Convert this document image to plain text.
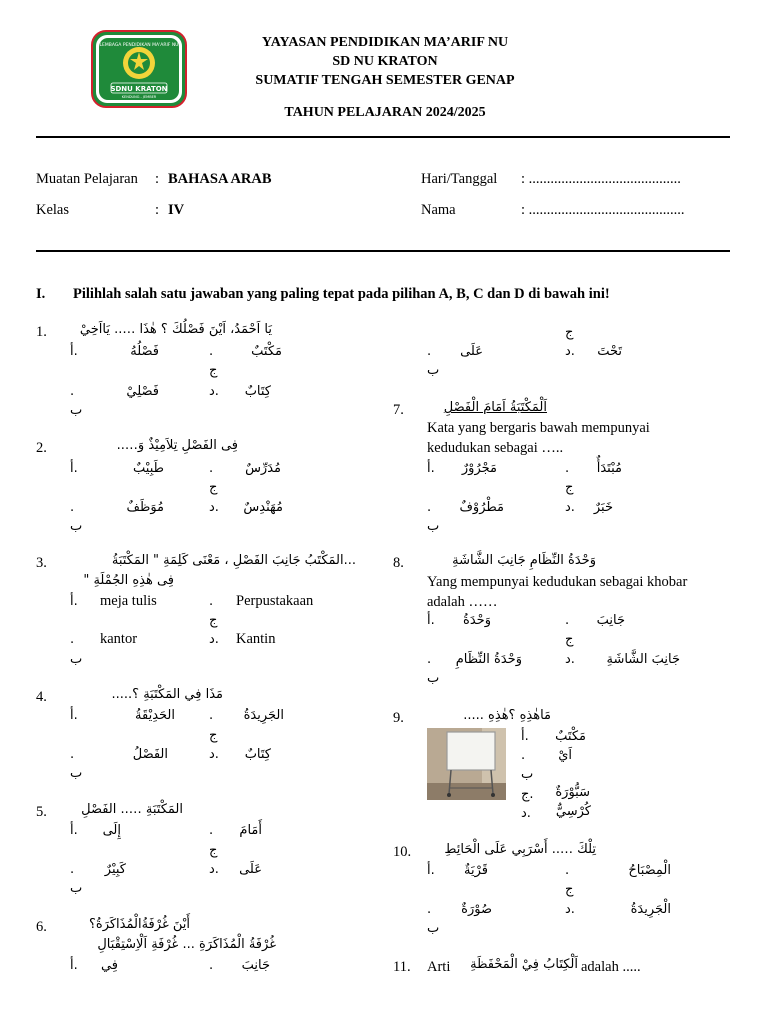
LEMBAGA PENDIDIKAN MA'ARIF NU
SDNU KRATON
KENDUNG - JEMBER
YAYASAN PENDIDIKAN MA’ARIF NU
SD NU KRATON
SUMATIF TENGAH SEMESTER GENAP
TAHUN PELAJARAN 2024/2025
Muatan Pelajaran : BAHASA ARAB
Kelas	: IV
Hari/Tanggal : ..........................................
Nama	: ...........................................
I. Pilihlah salah satu jawaban yang paling tepat pada pilihan A, B, C dan D di bawah ini!
1.	يَا اَحْمَدُ، اَيْنَ فَصْلُكَ ؟ هٰذَا ….. يَااَخِيْ
أ.	فَصْلُهُ	.	مَكْتَبٌ
ج
.	فَصْلِيْ	د. كِتَابٌ
ب
2.	فِى الفَصْلِ تِلاَمِيْذٌ وَ…..
أ.	طَبِيْبٌ	. مُدَرِّسٌ
ج
.	مُوَظَفٌ	د. مُهَنْدِسٌ
ب
3.	...المَكْتَبُ جَانِبَ الفَصْلِ ، مَعْنَى كَلِمَةِ " المَكْتَبَةُ
فِى هٰذِهِ الجُمْلَةِ "
أ. meja tulis	. Perpustakaan
ج
. kantor	د. Kantin
ب
4.	مَذَا فِي المَكْتَبَةِ ؟.....
أ.	الحَدِيْقَةُ	. الجَرِيدَةُ
ج
.	الفَصْلُ	د. كِتَابٌ
ب
5.	المَكْتَبَةِ ….. الفَصْلِ
أ. إِلَى	. أَمَامَ
ج
. كَبِيْرٌ	د. عَلَى
ب
6.	أَيْنَ غُرْفَةُالْمُذَاكَرَةُ؟
غُرْفَةُ الْمُذَاكَرَةِ ... غُرْفَةِ اَلْاِسْتِقْبَالِ
أ. فِي	. جَانِبَ
ج
. عَلَى	د. تَحْتَ
ب
7.	اَلْمَكْتَبَةُ اَمَامَ الْفَصْلِ
Kata yang bergaris bawah mempunyai
kedudukan sebagai …..
أ. مَجْرُوْرٌ	. مُبْتَدَأٌ
ج
. مَطْرُوْفٌ	د. خَبَرٌ
ب
8.	وَحْدَةُ النِّظَامِ جَانِبَ الشَّاشَةِ
Yang mempunyai kedudukan sebagai khobar
adalah ……
أ. وَحْدَةُ	. جَانِبَ
ج
. وَحْدَةُ النِّظَامِ	د. جَانِبَ الشَّاشَةِ
ب
9.	مَاهٰذِهِ ؟هٰذِهِ .....
أ. مَكْتَبٌ
.	اَيْ
ب
ج. سَبُّوْرَةٌ
د. كُرْسِيٌّ
10.	تِلْكَ ….. أَسْرَبِي عَلَى الْحَائِطِ
أ. قَرْيَةٌ	.	الْمِصْبَاحُ
ج
. صُوْرَةٌ	د.	الْجَرِيدَةُ
ب
11. Arti اَلْكِتَابُ فِيْ الْمَحْفَظَةِ adalah .....
